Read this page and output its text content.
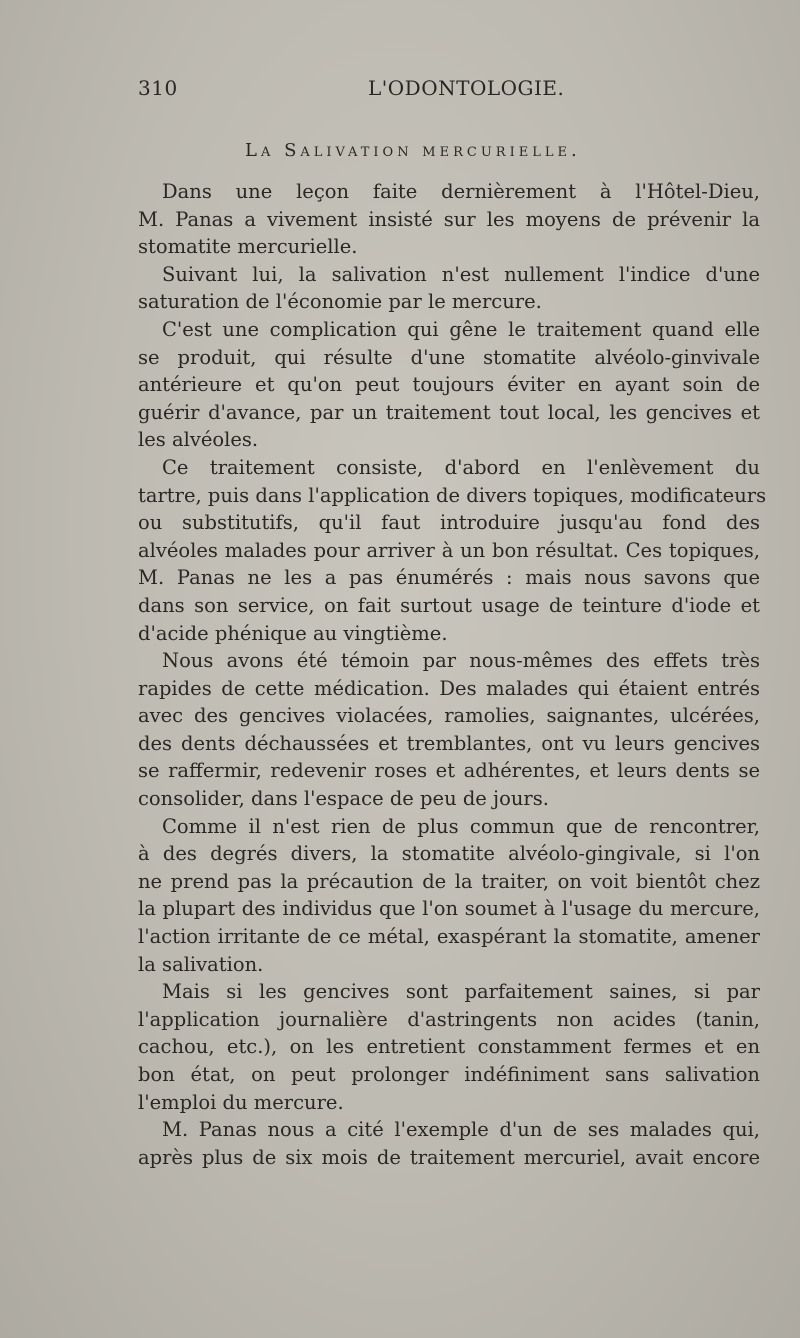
310	L'ODONTOLOGIE.
La Salivation mercurielle.
Dans une leçon faite dernièrement à l'Hôtel-Dieu,
M. Panas a vivement insisté sur les moyens de prévenir la
stomatite mercurielle.
Suivant lui, la salivation n'est nullement l'indice d'une
saturation de l'économie par le mercure.
C'est une complication qui gêne le traitement quand elle
se produit, qui résulte d'une stomatite alvéolo-ginvivale
antérieure et qu'on peut toujours éviter en ayant soin de
guérir d'avance, par un traitement tout local, les gencives et
les alvéoles.
Ce traitement consiste, d'abord en l'enlèvement du
tartre, puis dans l'application de divers topiques, modificateurs
ou substitutifs, qu'il faut introduire jusqu'au fond des
alvéoles malades pour arriver à un bon résultat. Ces topiques,
M. Panas ne les a pas énumérés : mais nous savons que
dans son service, on fait surtout usage de teinture d'iode et
d'acide phénique au vingtième.
Nous avons été témoin par nous-mêmes des effets très
rapides de cette médication. Des malades qui étaient entrés
avec des gencives violacées, ramolies, saignantes, ulcérées,
des dents déchaussées et tremblantes, ont vu leurs gencives
se raffermir, redevenir roses et adhérentes, et leurs dents se
consolider, dans l'espace de peu de jours.
Comme il n'est rien de plus commun que de rencontrer,
à des degrés divers, la stomatite alvéolo-gingivale, si l'on
ne prend pas la précaution de la traiter, on voit bientôt chez
la plupart des individus que l'on soumet à l'usage du mercure,
l'action irritante de ce métal, exaspérant la stomatite, amener
la salivation.
Mais si les gencives sont parfaitement saines, si par
l'application journalière d'astringents non acides (tanin,
cachou, etc.), on les entretient constamment fermes et en
bon état, on peut prolonger indéfiniment sans salivation
l'emploi du mercure.
M. Panas nous a cité l'exemple d'un de ses malades qui,
après plus de six mois de traitement mercuriel, avait encore
